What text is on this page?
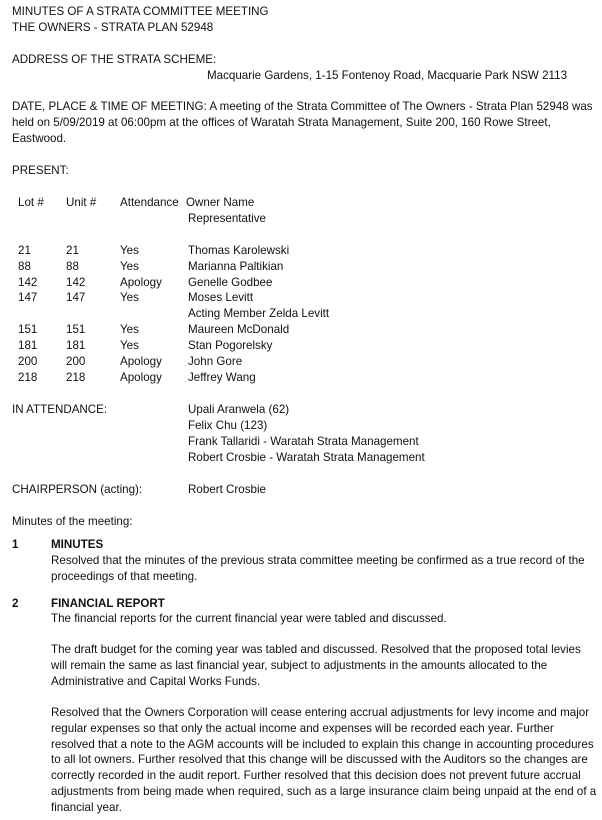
MINUTES OF A STRATA COMMITTEE MEETING
THE OWNERS - STRATA PLAN 52948
ADDRESS OF THE STRATA SCHEME:
Macquarie Gardens, 1-15 Fontenoy Road, Macquarie Park NSW 2113
DATE, PLACE & TIME OF MEETING: A meeting of the Strata Committee of The Owners - Strata Plan 52948 was held on 5/09/2019 at 06:00pm at the offices of Waratah Strata Management, Suite 200, 160 Rowe Street, Eastwood.
PRESENT:
Lot # Unit # Attendance Owner Name
Representative
21	21	Yes	Thomas Karolewski
88	88	Yes	Marianna Paltikian
142 142	Apology Genelle Godbee
147 147	Yes	Moses Levitt
Acting Member Zelda Levitt
151 151	Yes	Maureen McDonald
181 181	Yes	Stan Pogorelsky
200 200	Apology John Gore
218 218	Apology Jeffrey Wang
IN ATTENDANCE:	Upali Aranwela (62)
Felix Chu (123)
Frank Tallaridi - Waratah Strata Management
Robert Crosbie - Waratah Strata Management
CHAIRPERSON (acting):	Robert Crosbie
Minutes of the meeting:
1	MINUTES
Resolved that the minutes of the previous strata committee meeting be confirmed as a true record of the proceedings of that meeting.
2	FINANCIAL REPORT
The financial reports for the current financial year were tabled and discussed.
The draft budget for the coming year was tabled and discussed. Resolved that the proposed total levies will remain the same as last financial year, subject to adjustments in the amounts allocated to the Administrative and Capital Works Funds.
Resolved that the Owners Corporation will cease entering accrual adjustments for levy income and major regular expenses so that only the actual income and expenses will be recorded each year. Further resolved that a note to the AGM accounts will be included to explain this change in accounting procedures to all lot owners. Further resolved that this change will be discussed with the Auditors so the changes are correctly recorded in the audit report. Further resolved that this decision does not prevent future accrual adjustments from being made when required, such as a large insurance claim being unpaid at the end of a financial year.
